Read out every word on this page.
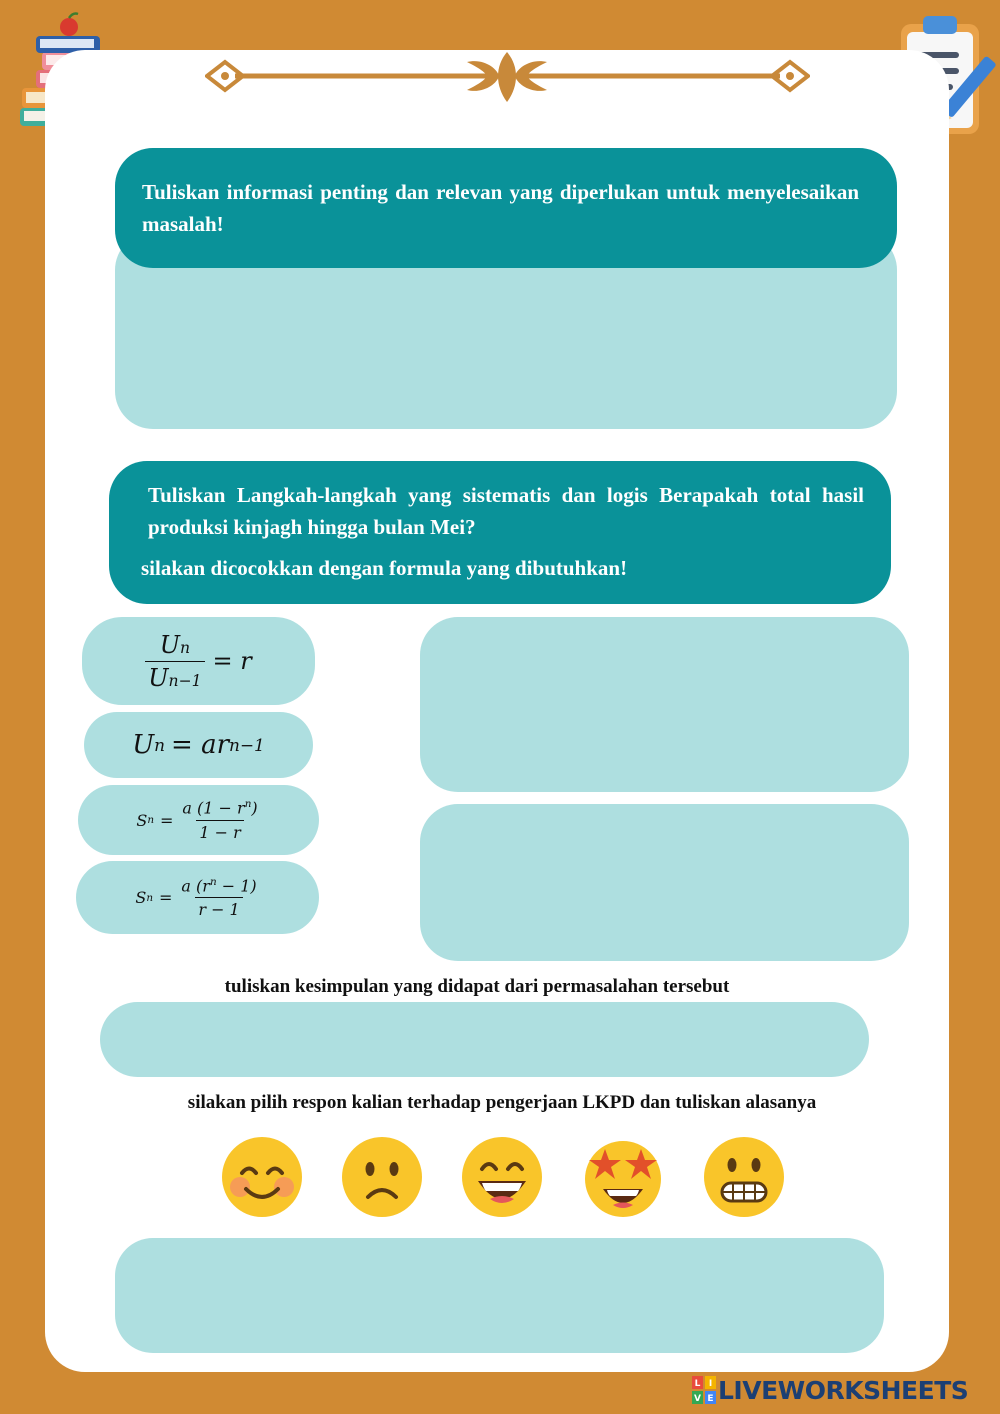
Tuliskan informasi penting dan relevan yang diperlukan untuk menyelesaikan masalah!

Tuliskan Langkah-langkah yang sistematis dan logis Berapakah total hasil produksi kinjagh hingga bulan Mei?

silakan dicocokkan dengan formula yang dibutuhkan!

$\frac{Un}{Un-1} = r$
U n = ar n−1
S $n = \frac{a (1 - r^n)}{1 - r}$
S $n = \frac{a (r^n - 1)}{r - 1}$
tuliskan kesimpulan yang didapat dari permasalahan tersebut
silakan pilih respon kalian terhadap pengerjaan LKPD dan tuliskan alasanya
L I
V E LIVEWORKSHEETS
